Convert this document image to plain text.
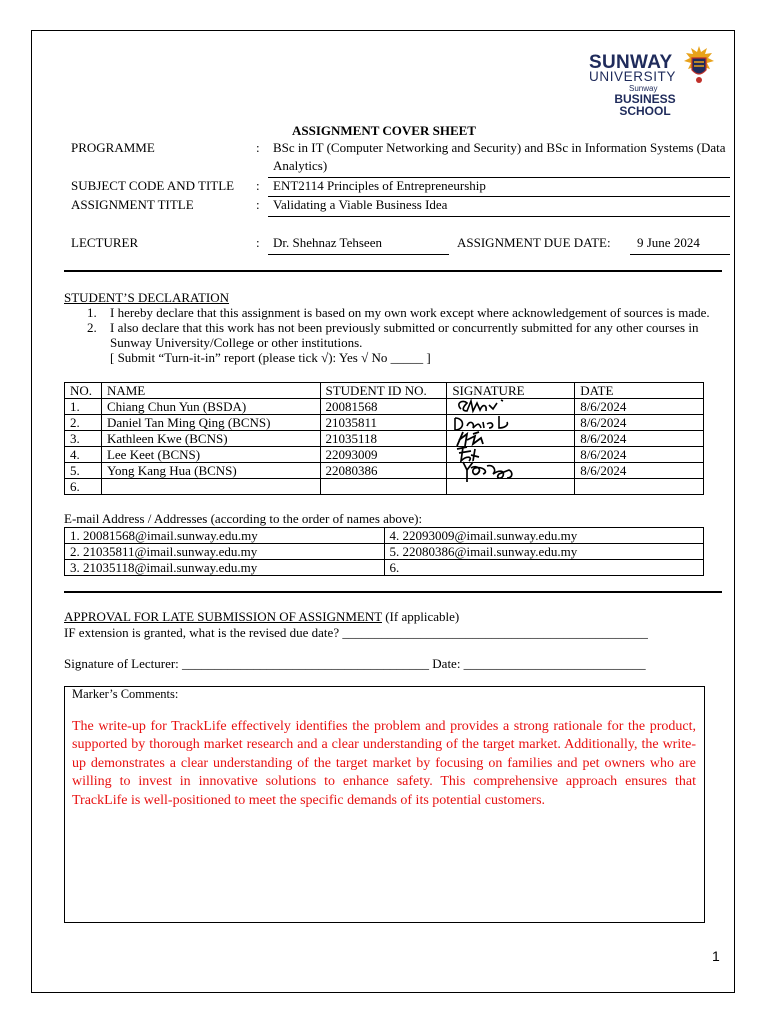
SUNWAY
UNIVERSITY
Sunway
BUSINESS
SCHOOL
ASSIGNMENT COVER SHEET
PROGRAMME	: BSc in IT (Computer Networking and Security) and BSc in Information Systems (Data
Analytics)
SUBJECT CODE AND TITLE : ENT2114 Principles of Entrepreneurship
ASSIGNMENT TITLE	: Validating a Viable Business Idea
LECTURER	: Dr. Shehnaz Tehseen	ASSIGNMENT DUE DATE: 9 June 2024
STUDENT’S DECLARATION
1. I hereby declare that this assignment is based on my own work except where acknowledgement of sources is made.
2. I also declare that this work has not been previously submitted or concurrently submitted for any other courses in
Sunway University/College or other institutions.
[ Submit “Turn-it-in” report (please tick √): Yes √ No _____ ]
NO.	NAME	STUDENT ID NO.	SIGNATURE	DATE
1.	Chiang Chun Yun (BSDA)	20081568		8/6/2024
2.	Daniel Tan Ming Qing (BCNS)	21035811		8/6/2024
3.	Kathleen Kwe (BCNS)	21035118		8/6/2024
4.	Lee Keet (BCNS)	22093009		8/6/2024
5.	Yong Kang Hua (BCNS)	22080386		8/6/2024
6.				
E-mail Address / Addresses (according to the order of names above):
1. 20081568@imail.sunway.edu.my	4. 22093009@imail.sunway.edu.my
2. 21035811@imail.sunway.edu.my	5. 22080386@imail.sunway.edu.my
3. 21035118@imail.sunway.edu.my	6.
APPROVAL FOR LATE SUBMISSION OF ASSIGNMENT (If applicable)
IF extension is granted, what is the revised due date? _______________________________________________
Signature of Lecturer: ______________________________________ Date: ____________________________
Marker’s Comments:
The write-up for TrackLife effectively identifies the problem and provides a strong rationale for the product, supported by thorough market research and a clear understanding of the target market. Additionally, the write-up demonstrates a clear understanding of the target market by focusing on families and pet owners who are willing to invest in innovative solutions to enhance safety. This comprehensive approach ensures that TrackLife is well-positioned to meet the specific demands of its potential customers.
1
